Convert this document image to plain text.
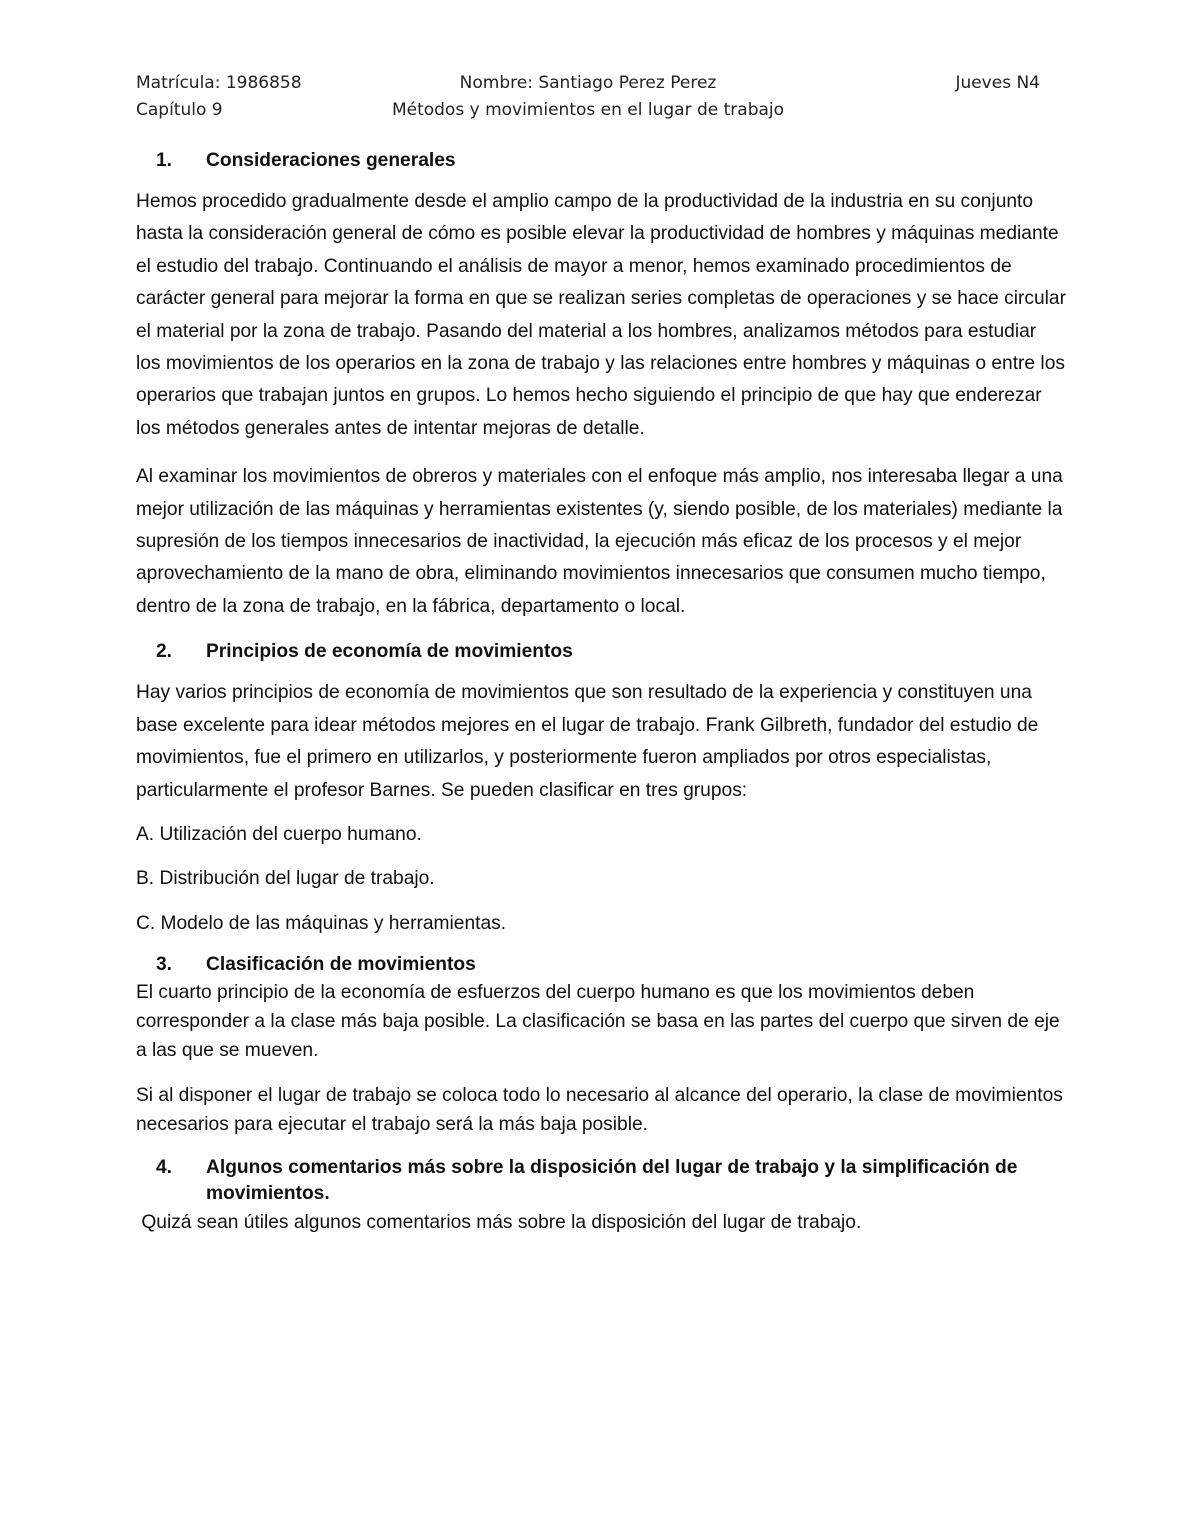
Matrícula: 1986858	Nombre: Santiago Perez Perez	Jueves N4
Capítulo 9	Métodos y movimientos en el lugar de trabajo
1.	Consideraciones generales

Hemos procedido gradualmente desde el amplio campo de la productividad de la industria en su conjunto hasta la consideración general de cómo es posible elevar la productividad de hombres y máquinas mediante el estudio del trabajo. Continuando el análisis de mayor a menor, hemos examinado procedimientos de carácter general para mejorar la forma en que se realizan series completas de operaciones y se hace circular el material por la zona de trabajo. Pasando del material a los hombres, analizamos métodos para estudiar los movimientos de los operarios en la zona de trabajo y las relaciones entre hombres y máquinas o entre los operarios que trabajan juntos en grupos. Lo hemos hecho siguiendo el principio de que hay que enderezar los métodos generales antes de intentar mejoras de detalle.

Al examinar los movimientos de obreros y materiales con el enfoque más amplio, nos interesaba llegar a una mejor utilización de las máquinas y herramientas existentes (y, siendo posible, de los materiales) mediante la supresión de los tiempos innecesarios de inactividad, la ejecución más eficaz de los procesos y el mejor aprovechamiento de la mano de obra, eliminando movimientos innecesarios que consumen mucho tiempo, dentro de la zona de trabajo, en la fábrica, departamento o local.

2.	Principios de economía de movimientos

Hay varios principios de economía de movimientos que son resultado de la experiencia y constituyen una base excelente para idear métodos mejores en el lugar de trabajo. Frank Gilbreth, fundador del estudio de movimientos, fue el primero en utilizarlos, y posteriormente fueron ampliados por otros especialistas, particularmente el profesor Barnes. Se pueden clasificar en tres grupos:

A. Utilización del cuerpo humano.

B. Distribución del lugar de trabajo.

C. Modelo de las máquinas y herramientas.

3.	Clasificación de movimientos

El cuarto principio de la economía de esfuerzos del cuerpo humano es que los movimientos deben corresponder a la clase más baja posible. La clasificación se basa en las partes del cuerpo que sirven de eje a las que se mueven.

Si al disponer el lugar de trabajo se coloca todo lo necesario al alcance del operario, la clase de movimientos necesarios para ejecutar el trabajo será la más baja posible.

4.	Algunos comentarios más sobre la disposición del lugar de trabajo y la simplificación de movimientos.

Quizá sean útiles algunos comentarios más sobre la disposición del lugar de trabajo.
